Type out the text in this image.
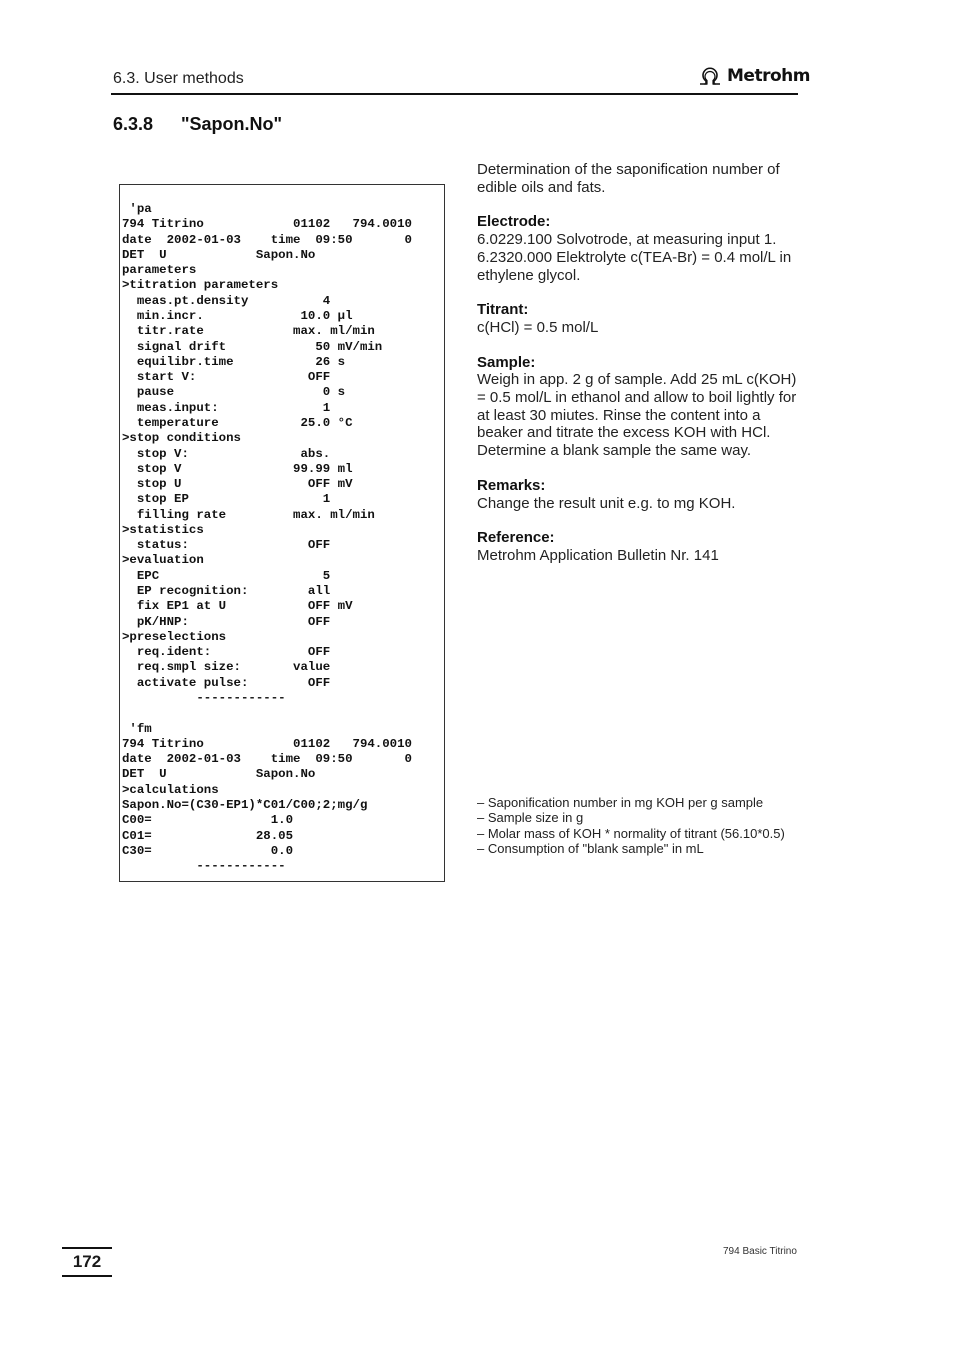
6.3. User methods	Metrohm
6.3.8 "Sapon.No"
'pa
794 Titrino            01102   794.0010
date  2002-01-03    time  09:50       0
DET  U            Sapon.No
parameters
>titration parameters
meas.pt.density          4
min.incr.             10.0 µl
titr.rate            max. ml/min
signal drift            50 mV/min
equilibr.time           26 s
start V:               OFF
pause                    0 s
meas.input:              1
temperature           25.0 °C
>stop conditions
stop V:               abs.
stop V               99.99 ml
stop U                 OFF mV
stop EP                  1
filling rate         max. ml/min
>statistics
status:                OFF
>evaluation
EPC                      5
EP recognition:        all
fix EP1 at U           OFF mV
pK/HNP:                OFF
>preselections
req.ident:             OFF
req.smpl size:       value
activate pulse:        OFF
------------

'fm
794 Titrino            01102   794.0010
date  2002-01-03    time  09:50       0
DET  U            Sapon.No
>calculations
Sapon.No=(C30-EP1)*C01/C00;2;mg/g
C00=                1.0
C01=              28.05
C30=                0.0
------------

Determination of the saponification number of edible oils and fats.

Electrode:

6.0229.100 Solvotrode, at measuring input 1.

6.2320.000 Elektrolyte c(TEA-Br) = 0.4 mol/L in ethylene glycol.

Titrant:

c(HCl) = 0.5 mol/L

Sample:

Weigh in app. 2 g of sample. Add 25 mL c(KOH) = 0.5 mol/L in ethanol and allow to boil lightly for at least 30 miutes. Rinse the content into a beaker and titrate the excess KOH with HCl.

Determine a blank sample the same way.

Remarks:

Change the result unit e.g. to mg KOH.

Reference:

Metrohm Application Bulletin Nr. 141

– Saponification number in mg KOH per g sample
– Sample size in g
– Molar mass of KOH * normality of titrant (56.10*0.5)
– Consumption of "blank sample" in mL
172
794 Basic Titrino
